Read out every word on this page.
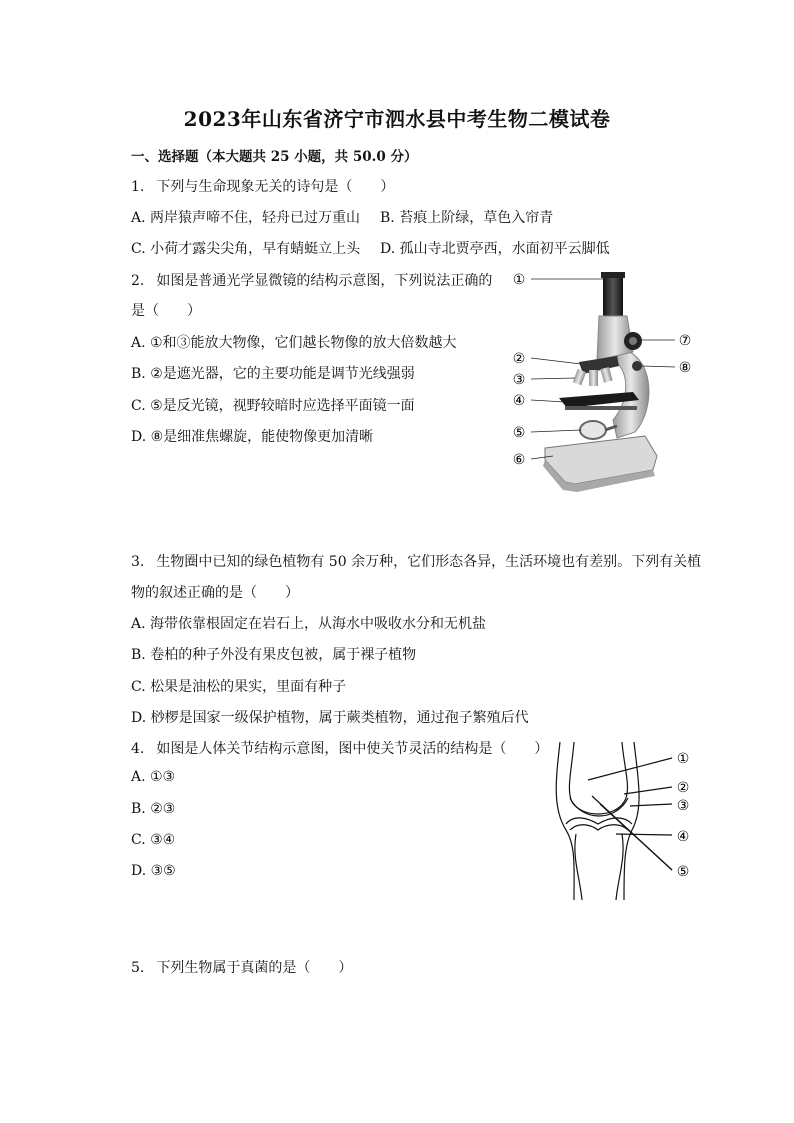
2023年山东省济宁市泗水县中考生物二模试卷
一、选择题（本大题共 25 小题，共 50.0 分）
1. 下列与生命现象无关的诗句是（　　）
A. 两岸猿声啼不住，轻舟已过万重山 B. 苔痕上阶绿，草色入帘青
C. 小荷才露尖尖角，早有蜻蜓立上头 D. 孤山寺北贾亭西，水面初平云脚低
2. 如图是普通光学显微镜的结构示意图，下列说法正确的
是（　　）
A. ①和③能放大物像，它们越长物像的放大倍数越大
B. ②是遮光器，它的主要功能是调节光线强弱
C. ⑤是反光镜，视野较暗时应选择平面镜一面
D. ⑧是细准焦螺旋，能使物像更加清晰
①
②
③
④
⑤
⑥
⑦
⑧
3. 生物圈中已知的绿色植物有 50 余万种，它们形态各异，生活环境也有差别。下列有关植
物的叙述正确的是（　　）
A. 海带依靠根固定在岩石上，从海水中吸收水分和无机盐
B. 卷柏的种子外没有果皮包被，属于裸子植物
C. 松果是油松的果实，里面有种子
D. 桫椤是国家一级保护植物，属于蕨类植物，通过孢子繁殖后代
4. 如图是人体关节结构示意图，图中使关节灵活的结构是（　　）
A. ①③
B. ②③
C. ③④
D. ③⑤
①
②
③
④
⑤
5. 下列生物属于真菌的是（　　）
